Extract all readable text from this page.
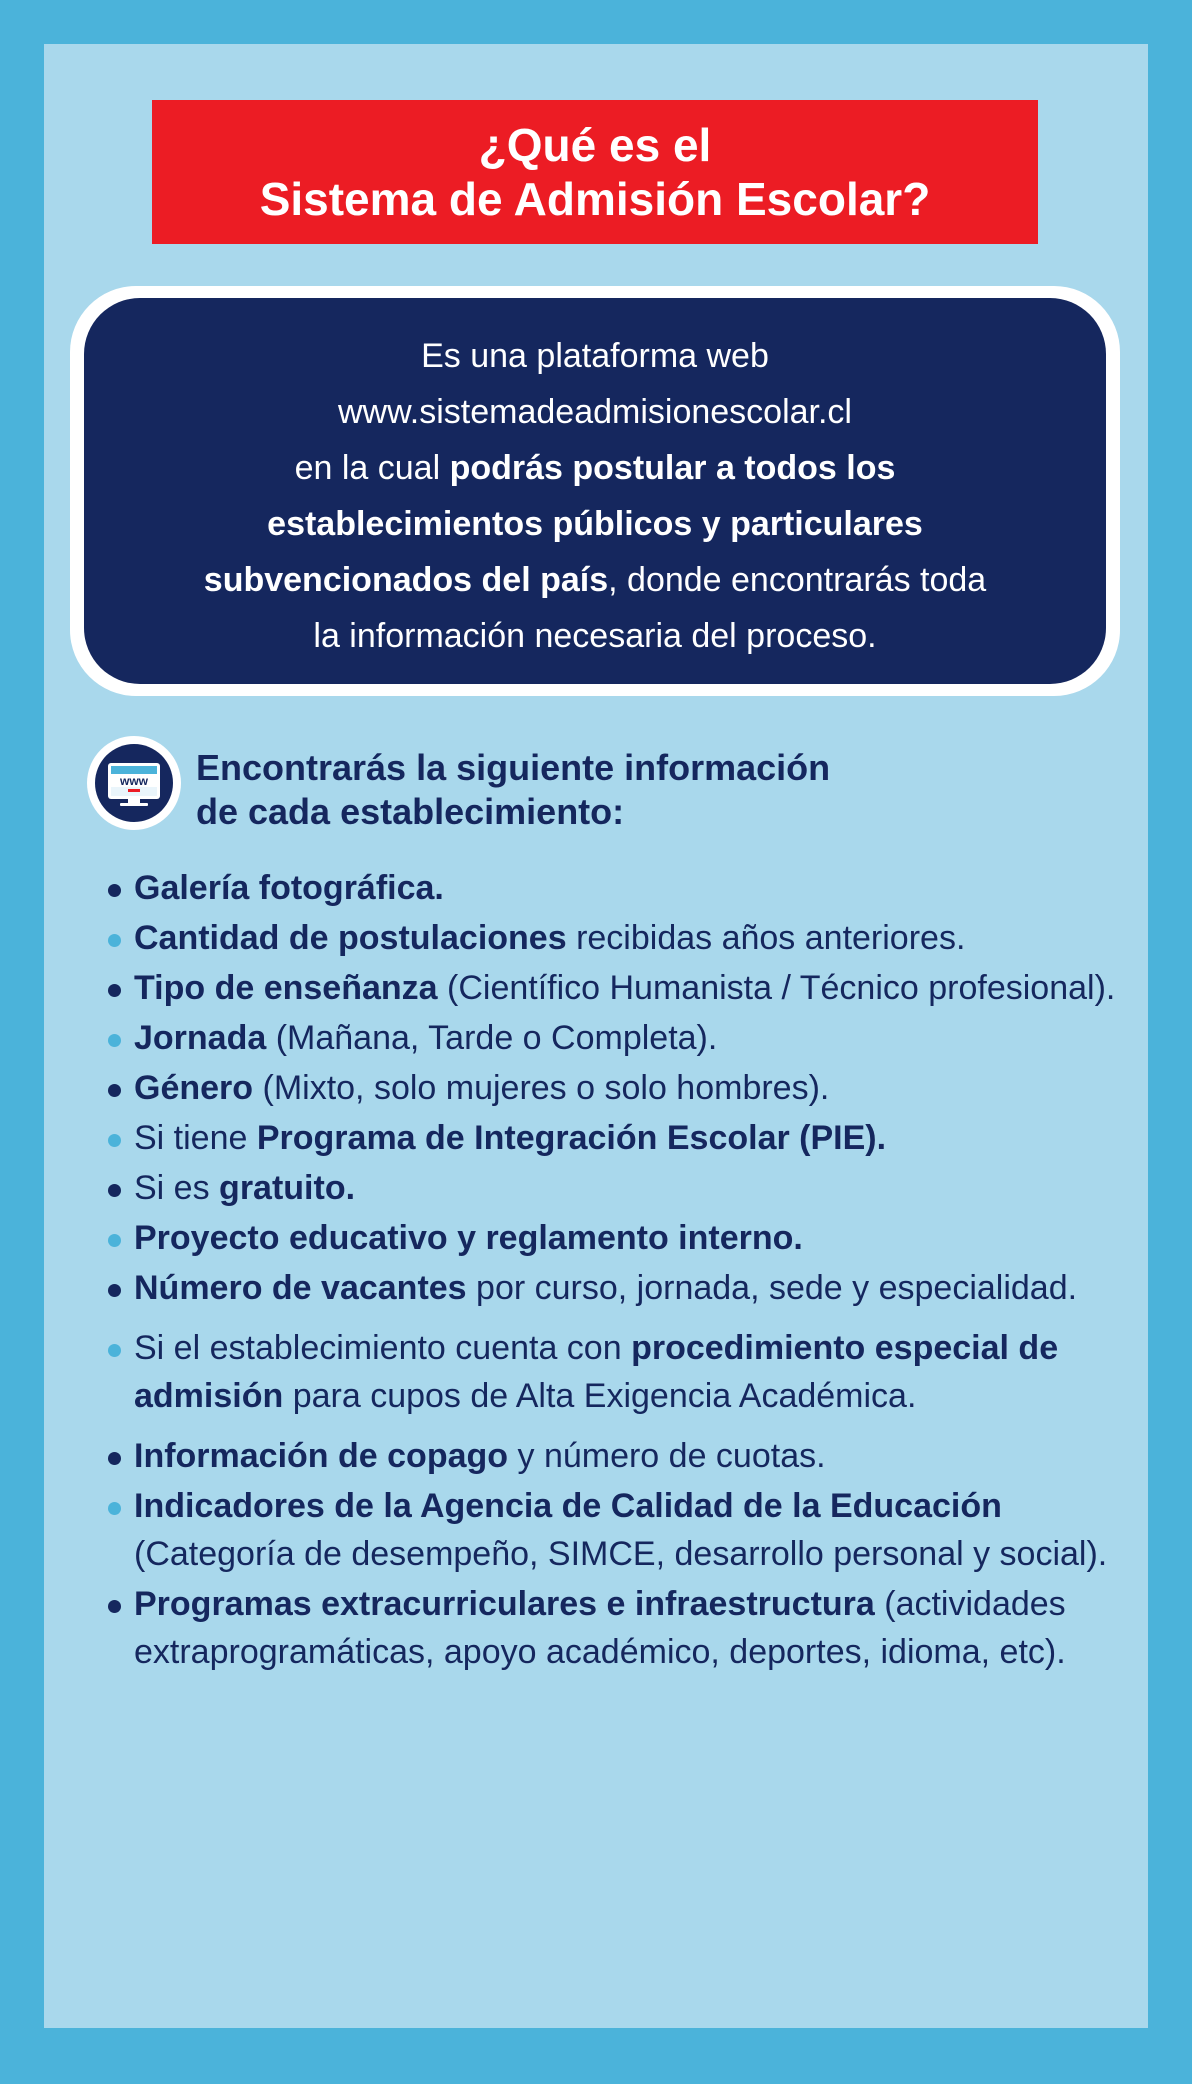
¿Qué es el
Sistema de Admisión Escolar?
Es una plataforma web
www.sistemadeadmisionescolar.cl
en la cual podrás postular a todos los
establecimientos públicos y particulares
subvencionados del país, donde encontrarás toda
la información necesaria del proceso.
www Encontrarás la siguiente información
de cada establecimiento:
Galería fotográfica.
Cantidad de postulaciones recibidas años anteriores.
Tipo de enseñanza (Científico Humanista / Técnico profesional).
Jornada (Mañana, Tarde o Completa).
Género (Mixto, solo mujeres o solo hombres).
Si tiene Programa de Integración Escolar (PIE).
Si es gratuito.
Proyecto educativo y reglamento interno.
Número de vacantes por curso, jornada, sede y especialidad.
Si el establecimiento cuenta con procedimiento especial de admisión para cupos de Alta Exigencia Académica.
Información de copago y número de cuotas.
Indicadores de la Agencia de Calidad de la Educación (Categoría de desempeño, SIMCE, desarrollo personal y social).
Programas extracurriculares e infraestructura (actividades extraprogramáticas, apoyo académico, deportes, idioma, etc).
